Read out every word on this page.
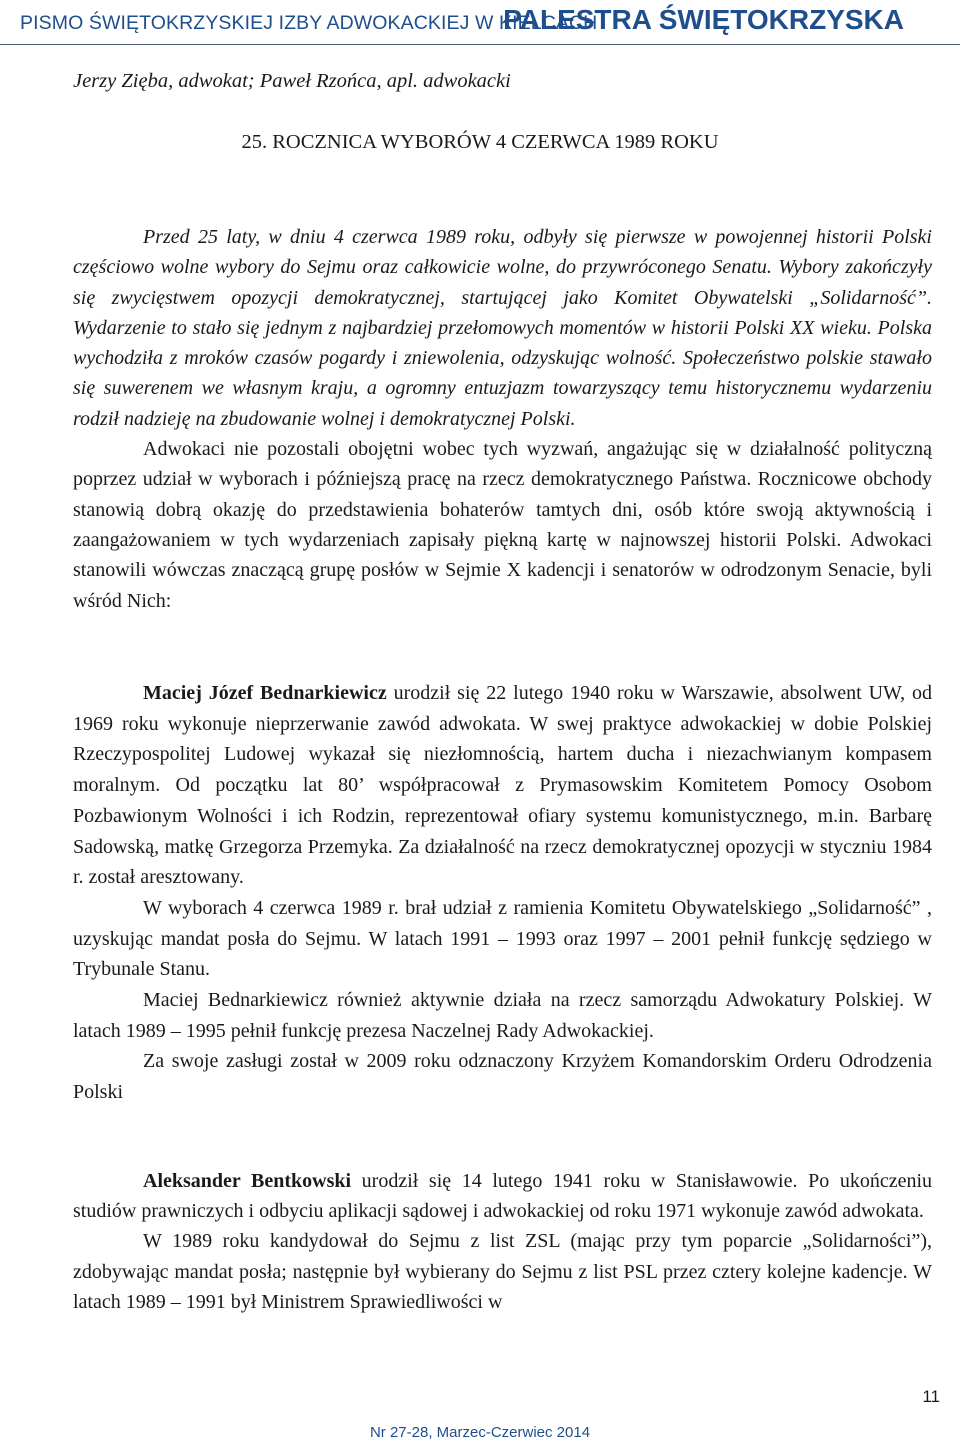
PISMO ŚWIĘTOKRZYSKIEJ IZBY ADWOKACKIEJ W KIELCACH
PALESTRA ŚWIĘTOKRZYSKA
Jerzy Zięba, adwokat; Paweł Rzońca, apl. adwokacki
25. ROCZNICA WYBORÓW 4 CZERWCA 1989 ROKU

Przed 25 laty, w dniu 4 czerwca 1989 roku, odbyły się pierwsze w powojennej historii Polski częściowo wolne wybory do Sejmu oraz całkowicie wolne, do przywróconego Senatu. Wybory zakończyły się zwycięstwem opozycji demokratycznej, startującej jako Komitet Obywatelski „Solidarność”. Wydarzenie to stało się jednym z najbardziej przełomowych momentów w historii Polski XX wieku. Polska wychodziła z mroków czasów pogardy i zniewolenia, odzyskując wolność. Społeczeństwo polskie stawało się suwerenem we własnym kraju, a ogromny entuzjazm towarzyszący temu historycznemu wydarzeniu rodził nadzieję na zbudowanie wolnej i demokratycznej Polski.

Adwokaci nie pozostali obojętni wobec tych wyzwań, angażując się w działalność polityczną poprzez udział w wyborach i późniejszą pracę na rzecz demokratycznego Państwa. Rocznicowe obchody stanowią dobrą okazję do przedstawienia bohaterów tamtych dni, osób które swoją aktywnością i zaangażowaniem w tych wydarzeniach zapisały piękną kartę w najnowszej historii Polski. Adwokaci stanowili wówczas znaczącą grupę posłów w Sejmie X kadencji i senatorów w odrodzonym Senacie, byli wśród Nich:

Maciej Józef Bednarkiewicz urodził się 22 lutego 1940 roku w Warszawie, absolwent UW, od 1969 roku wykonuje nieprzerwanie zawód adwokata. W swej praktyce adwokackiej w dobie Polskiej Rzeczypospolitej Ludowej wykazał się niezłomnością, hartem ducha i niezachwianym kompasem moralnym. Od początku lat 80’ współpracował z Prymasowskim Komitetem Pomocy Osobom Pozbawionym Wolności i ich Rodzin, reprezentował ofiary systemu komunistycznego, m.in. Barbarę Sadowską, matkę Grzegorza Przemyka. Za działalność na rzecz demokratycznej opozycji w styczniu 1984 r. został aresztowany.

W wyborach 4 czerwca 1989 r. brał udział z ramienia Komitetu Obywatelskiego „Solidarność” , uzyskując mandat posła do Sejmu. W latach 1991 – 1993 oraz 1997 – 2001 pełnił funkcję sędziego w Trybunale Stanu.

Maciej Bednarkiewicz również aktywnie działa na rzecz samorządu Adwokatury Polskiej. W latach 1989 – 1995 pełnił funkcję prezesa Naczelnej Rady Adwokackiej.

Za swoje zasługi został w 2009 roku odznaczony Krzyżem Komandorskim Orderu Odrodzenia Polski

Aleksander Bentkowski urodził się 14 lutego 1941 roku w Stanisławowie. Po ukończeniu studiów prawniczych i odbyciu aplikacji sądowej i adwokackiej od roku 1971 wykonuje zawód adwokata.

W 1989 roku kandydował do Sejmu z list ZSL (mając przy tym poparcie „Solidarności”), zdobywając mandat posła; następnie był wybierany do Sejmu z list PSL przez cztery kolejne kadencje. W latach 1989 – 1991 był Ministrem Sprawiedliwości w

11
Nr 27-28, Marzec-Czerwiec 2014
